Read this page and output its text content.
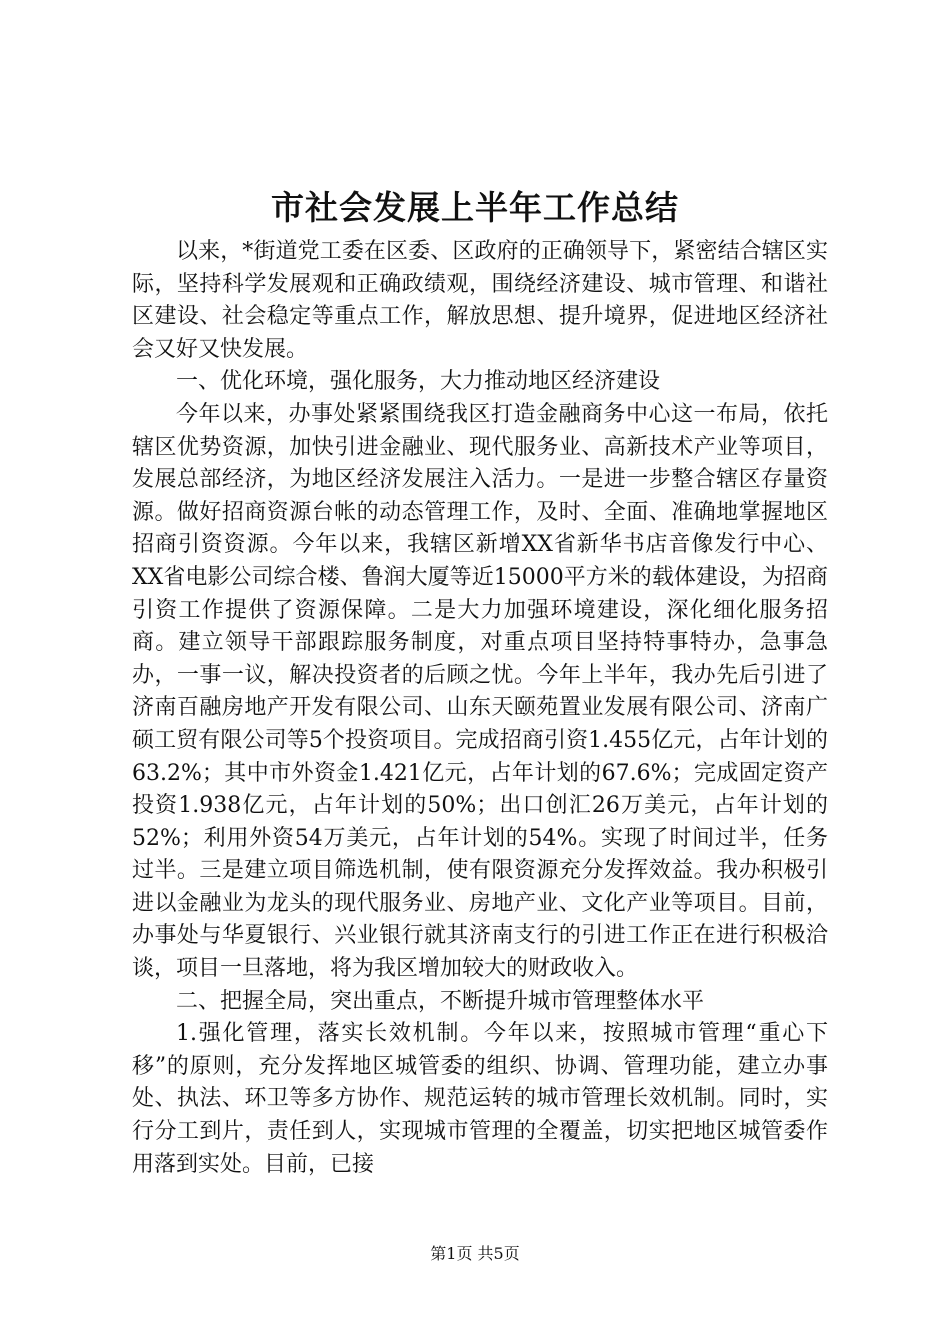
市社会发展上半年工作总结

以来，*街道党工委在区委、区政府的正确领导下，紧密结合辖区实际，坚持科学发展观和正确政绩观，围绕经济建设、城市管理、和谐社区建设、社会稳定等重点工作，解放思想、提升境界，促进地区经济社会又好又快发展。

一、优化环境，强化服务，大力推动地区经济建设

今年以来，办事处紧紧围绕我区打造金融商务中心这一布局，依托辖区优势资源，加快引进金融业、现代服务业、高新技术产业等项目，发展总部经济，为地区经济发展注入活力。一是进一步整合辖区存量资源。做好招商资源台帐的动态管理工作，及时、全面、准确地掌握地区招商引资资源。今年以来，我辖区新增XX省新华书店音像发行中心、XX省电影公司综合楼、鲁润大厦等近15000平方米的载体建设，为招商引资工作提供了资源保障。二是大力加强环境建设，深化细化服务招商。建立领导干部跟踪服务制度，对重点项目坚持特事特办，急事急办，一事一议，解决投资者的后顾之忧。今年上半年，我办先后引进了济南百融房地产开发有限公司、山东天颐苑置业发展有限公司、济南广硕工贸有限公司等5个投资项目。完成招商引资1.455亿元，占年计划的63.2%；其中市外资金1.421亿元，占年计划的67.6%；完成固定资产投资1.938亿元，占年计划的50%；出口创汇26万美元，占年计划的52%；利用外资54万美元，占年计划的54%。实现了时间过半，任务过半。三是建立项目筛选机制，使有限资源充分发挥效益。我办积极引进以金融业为龙头的现代服务业、房地产业、文化产业等项目。目前，办事处与华夏银行、兴业银行就其济南支行的引进工作正在进行积极洽谈，项目一旦落地，将为我区增加较大的财政收入。

二、把握全局，突出重点，不断提升城市管理整体水平

1.强化管理，落实长效机制。今年以来，按照城市管理“重心下移”的原则，充分发挥地区城管委的组织、协调、管理功能，建立办事处、执法、环卫等多方协作、规范运转的城市管理长效机制。同时，实行分工到片，责任到人，实现城市管理的全覆盖，切实把地区城管委作用落到实处。目前，已接

第1页 共5页
